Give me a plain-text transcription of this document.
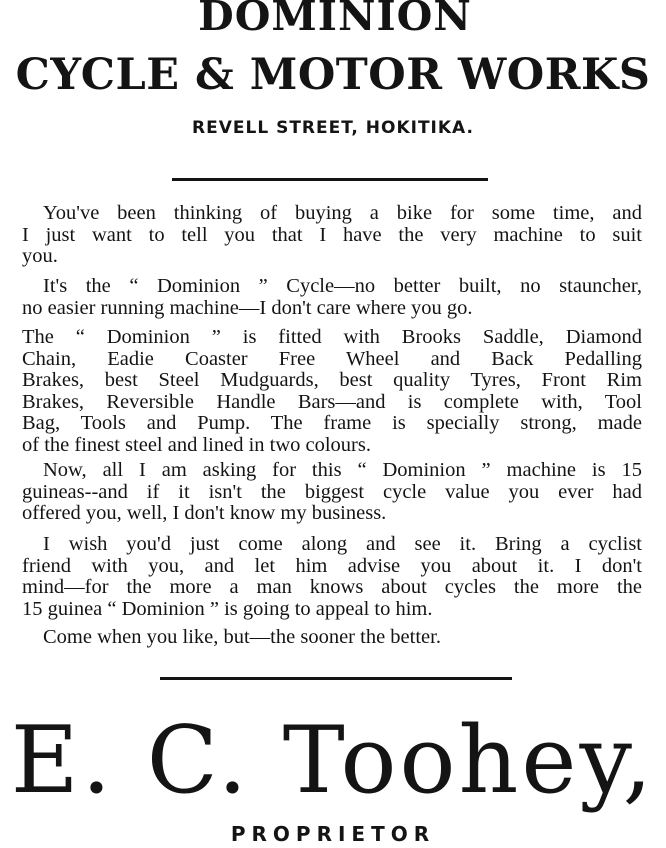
DOMINION
CYCLE & MOTOR WORKS
REVELL STREET, HOKITIKA.
You've been thinking of buying a bike for some time, and
I just want to tell you that I have the very machine to suit
you.
It's the “ Dominion ” Cycle—no better built, no stauncher,
no easier running machine—I don't care where you go.
The “ Dominion ” is fitted with Brooks Saddle, Diamond
Chain, Eadie Coaster Free Wheel and Back Pedalling
Brakes, best Steel Mudguards, best quality Tyres, Front Rim
Brakes, Reversible Handle Bars—and is complete with, Tool
Bag, Tools and Pump. The frame is specially strong, made
of the finest steel and lined in two colours.
Now, all I am asking for this “ Dominion ” machine is 15
guineas--and if it isn't the biggest cycle value you ever had
offered you, well, I don't know my business.
I wish you'd just come along and see it. Bring a cyclist
friend with you, and let him advise you about it. I don't
mind—for the more a man knows about cycles the more the
15 guinea “ Dominion ” is going to appeal to him.
Come when you like, but—the sooner the better.
E. C. Toohey,
PROPRIETOR
